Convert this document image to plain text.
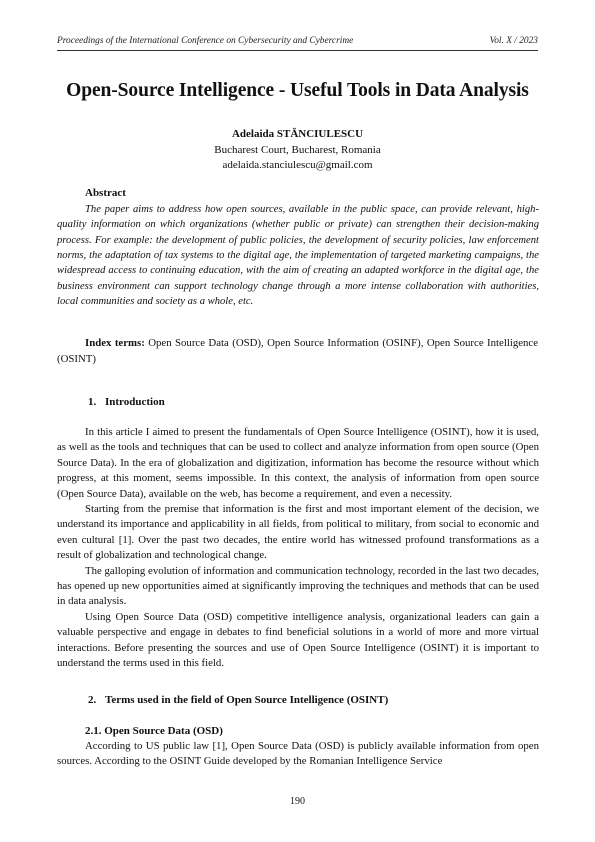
Proceedings of the International Conference on Cybersecurity and Cybercrime	Vol. X / 2023
Open-Source Intelligence - Useful Tools in Data Analysis
Adelaida STĂNCIULESCU
Bucharest Court, Bucharest, Romania
adelaida.stanciulescu@gmail.com
Abstract

The paper aims to address how open sources, available in the public space, can provide relevant, high-quality information on which organizations (whether public or private) can strengthen their decision-making process. For example: the development of public policies, the development of security policies, law enforcement norms, the adaptation of tax systems to the digital age, the implementation of targeted marketing campaigns, the widespread access to continuing education, with the aim of creating an adapted workforce in the digital age, the business environment can support technology change through a more intense collaboration with authorities, local communities and society as a whole, etc.

Index terms: Open Source Data (OSD), Open Source Information (OSINF), Open Source Intelligence (OSINT)

1. Introduction

In this article I aimed to present the fundamentals of Open Source Intelligence (OSINT), how it is used, as well as the tools and techniques that can be used to collect and analyze information from open source (Open Source Data). In the era of globalization and digitization, information has become the resource without which progress, at this moment, seems impossible. In this context, the analysis of information from open source (Open Source Data), available on the web, has become a requirement, and even a necessity.

Starting from the premise that information is the first and most important element of the decision, we understand its importance and applicability in all fields, from political to military, from social to economic and even cultural [1]. Over the past two decades, the entire world has witnessed profound transformations as a result of globalization and technological change.

The galloping evolution of information and communication technology, recorded in the last two decades, has opened up new opportunities aimed at significantly improving the techniques and methods that can be used in data analysis.

Using Open Source Data (OSD) competitive intelligence analysis, organizational leaders can gain a valuable perspective and engage in debates to find beneficial solutions in a world of more and more virtual interactions. Before presenting the sources and use of Open Source Intelligence (OSINT) it is important to understand the terms used in this field.

2. Terms used in the field of Open Source Intelligence (OSINT)
2.1. Open Source Data (OSD)

According to US public law [1], Open Source Data (OSD) is publicly available information from open sources. According to the OSINT Guide developed by the Romanian Intelligence Service

190
